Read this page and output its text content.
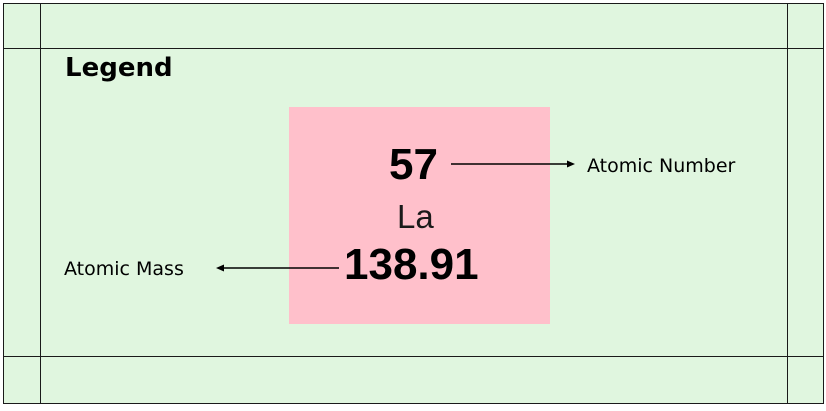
Legend
57
La
138.91
Atomic Number
Atomic Mass
